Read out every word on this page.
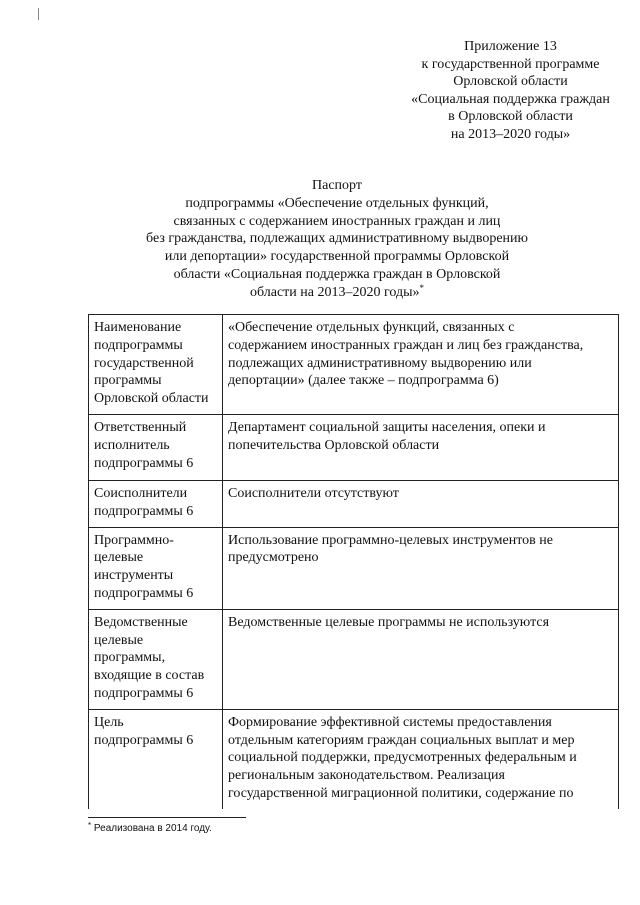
Приложение 13
к государственной программе
Орловской области
«Социальная поддержка граждан
в Орловской области
на 2013–2020 годы»
Паспорт
подпрограммы «Обеспечение отдельных функций,
связанных с содержанием иностранных граждан и лиц
без гражданства, подлежащих административному выдворению
или депортации» государственной программы Орловской
области «Социальная поддержка граждан в Орловской
области на 2013–2020 годы»*
Наименование
подпрограммы
государственной
программы
Орловской области	«Обеспечение отдельных функций, связанных с
содержанием иностранных граждан и лиц без гражданства,
подлежащих административному выдворению или
депортации» (далее также – подпрограмма 6)

Ответственный
исполнитель
подпрограммы 6	Департамент социальной защиты населения, опеки и
попечительства Орловской области

Соисполнители
подпрограммы 6	Соисполнители отсутствуют

Программно-
целевые
инструменты
подпрограммы 6	Использование программно-целевых инструментов не
предусмотрено

Ведомственные
целевые
программы,
входящие в состав
подпрограммы 6	Ведомственные целевые программы не используются

Цель
подпрограммы 6	Формирование эффективной системы предоставления
отдельным категориям граждан социальных выплат и мер
социальной поддержки, предусмотренных федеральным и
региональным законодательством. Реализация
государственной миграционной политики, содержание по
* Реализована в 2014 году.
